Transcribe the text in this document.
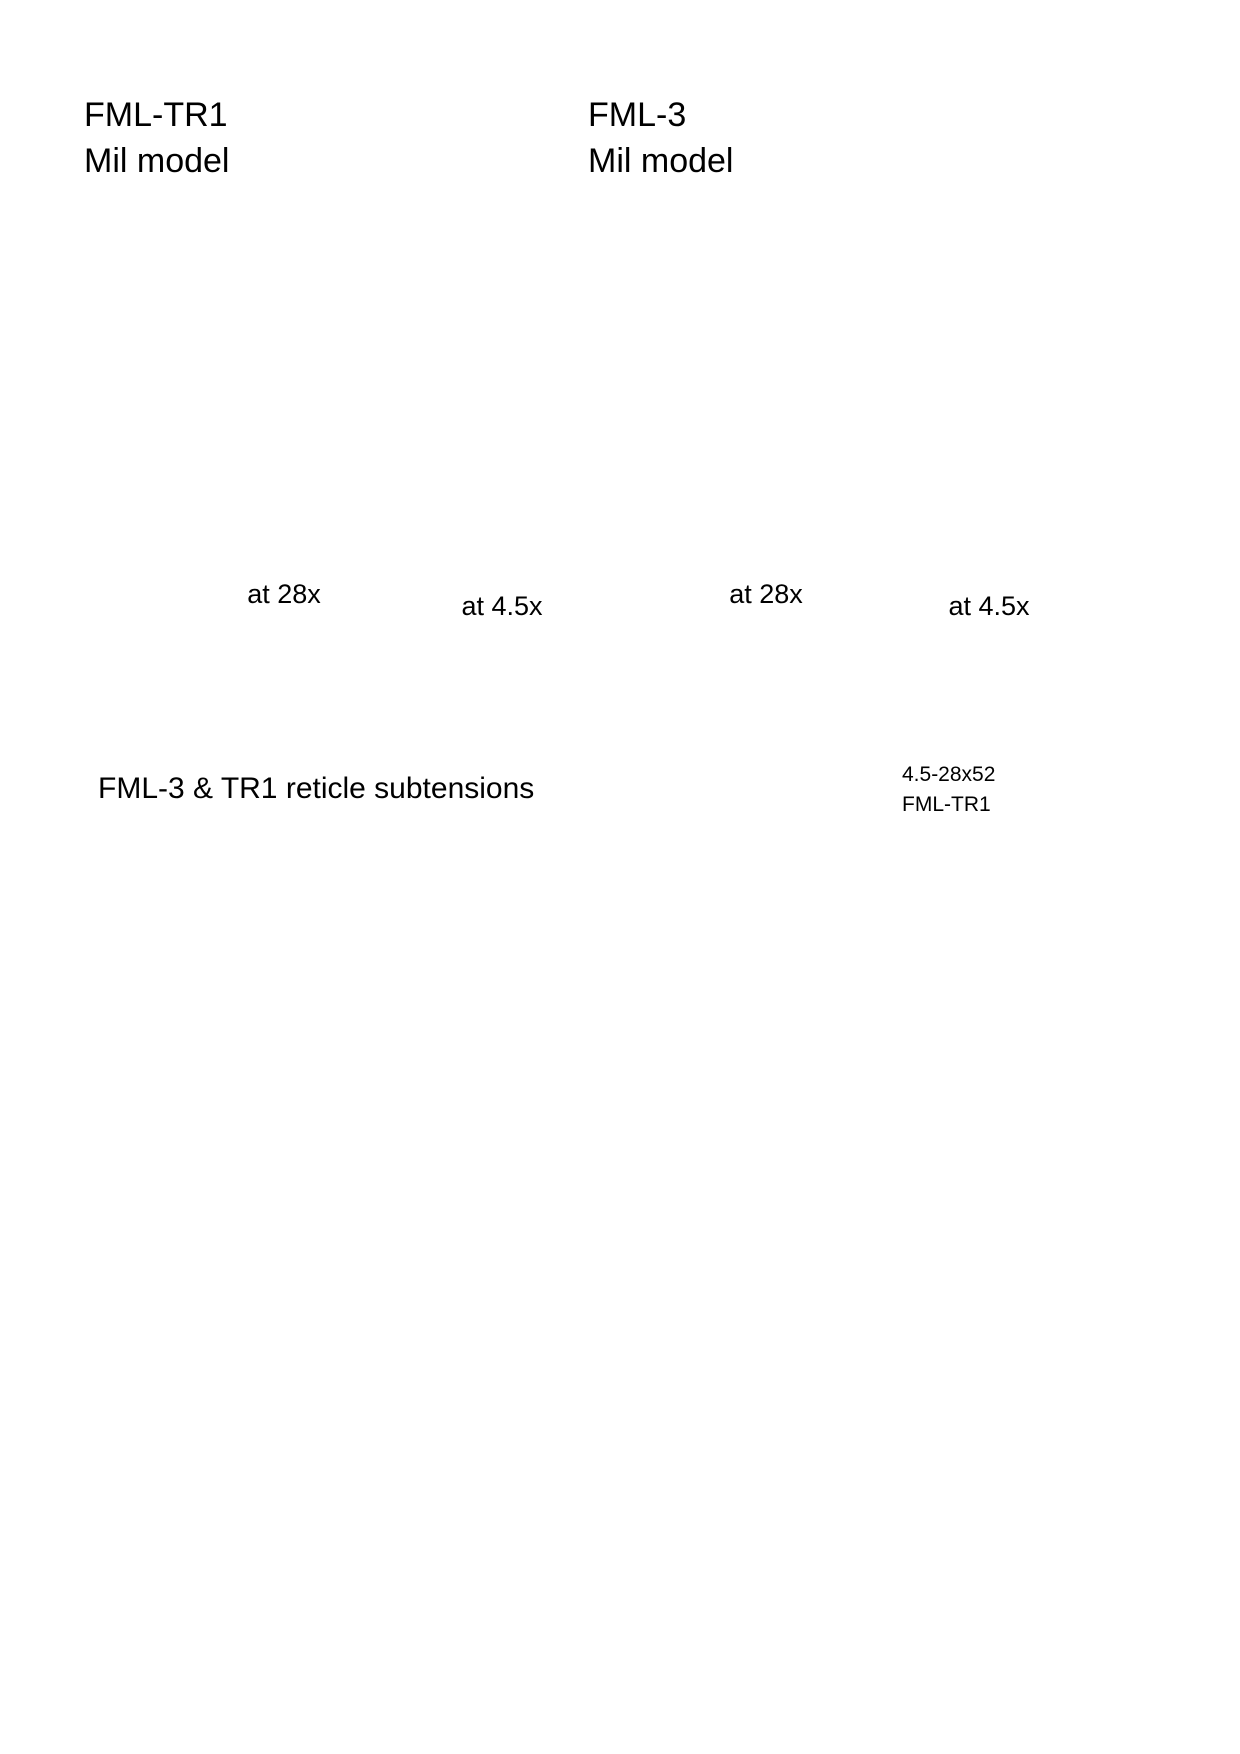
FML-TR1
Mil model
FML-3
Mil model
at 28x	at 4.5x	at 28x	at 4.5x
FML-3 & TR1 reticle subtensions	4.5-28x52
FML-TR1
